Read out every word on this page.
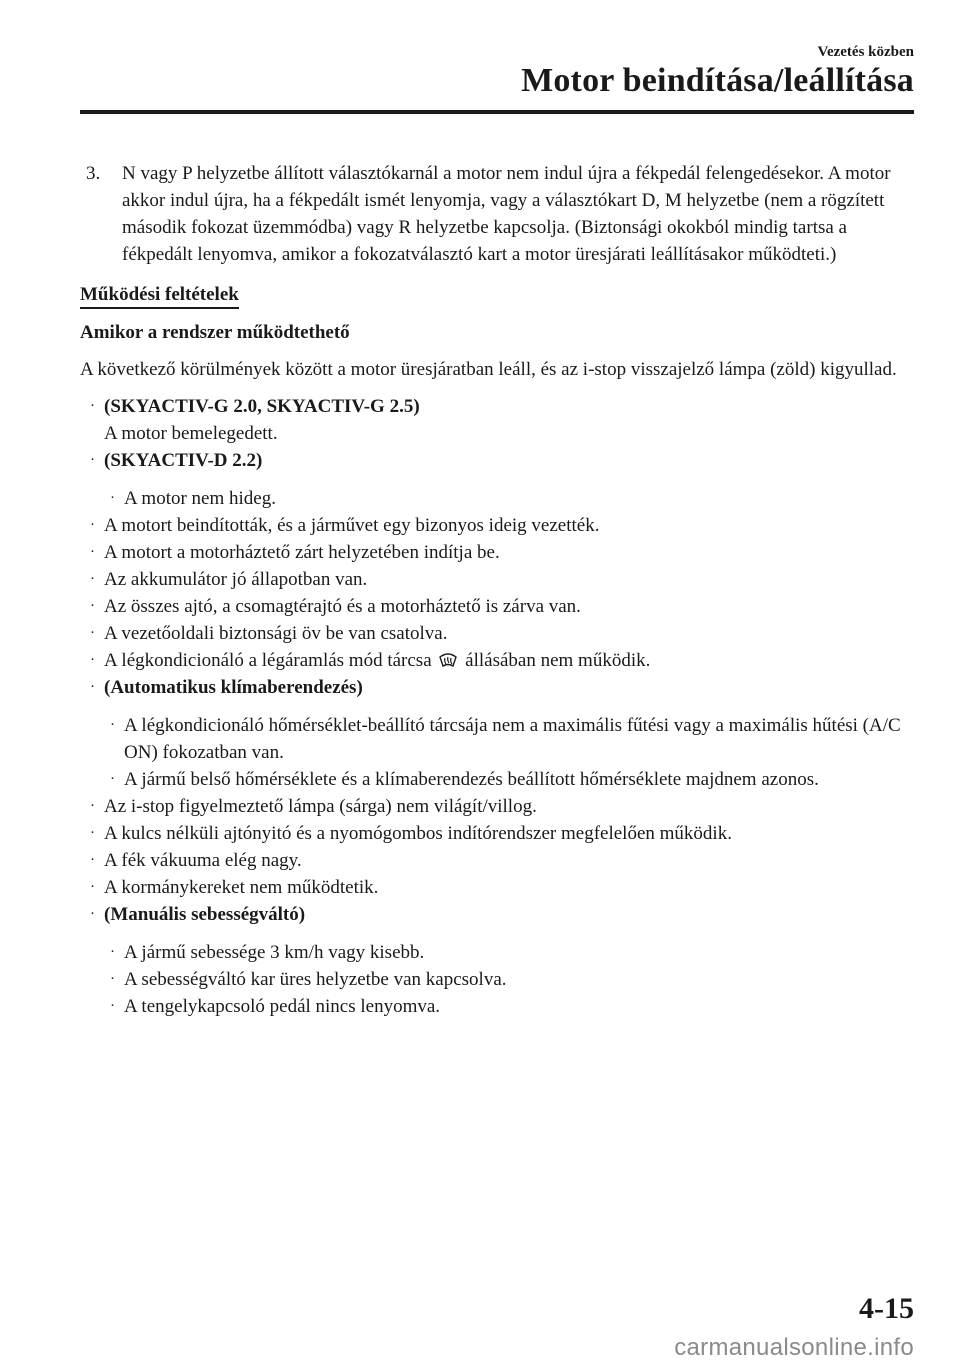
Vezetés közben
Motor beindítása/leállítása
3.	N vagy P helyzetbe állított választókarnál a motor nem indul újra a fékpedál felengedésekor. A motor akkor indul újra, ha a fékpedált ismét lenyomja, vagy a választókart D, M helyzetbe (nem a rögzített második fokozat üzemmódba) vagy R helyzetbe kapcsolja. (Biztonsági okokból mindig tartsa a fékpedált lenyomva, amikor a fokozatválasztó kart a motor üresjárati leállításakor működteti.)
Működési feltételek
Amikor a rendszer működtethető
A következő körülmények között a motor üresjáratban leáll, és az i-stop visszajelző lámpa (zöld) kigyullad.
· (SKYACTIV-G 2.0, SKYACTIV-G 2.5)
A motor bemelegedett.
· (SKYACTIV-D 2.2)
· A motor nem hideg.
· A motort beindították, és a járművet egy bizonyos ideig vezették.
· A motort a motorháztető zárt helyzetében indítja be.
· Az akkumulátor jó állapotban van.
· Az összes ajtó, a csomagtérajtó és a motorháztető is zárva van.
· A vezetőoldali biztonsági öv be van csatolva.
· A légkondicionáló a légáramlás mód tárcsa állásában nem működik.
· (Automatikus klímaberendezés)
· A légkondicionáló hőmérséklet-beállító tárcsája nem a maximális fűtési vagy a maximális hűtési (A/C ON) fokozatban van.
· A jármű belső hőmérséklete és a klímaberendezés beállított hőmérséklete majdnem azonos.
· Az i-stop figyelmeztető lámpa (sárga) nem világít/villog.
· A kulcs nélküli ajtónyitó és a nyomógombos indítórendszer megfelelően működik.
· A fék vákuuma elég nagy.
· A kormánykereket nem működtetik.
· (Manuális sebességváltó)
· A jármű sebessége 3 km/h vagy kisebb.
· A sebességváltó kar üres helyzetbe van kapcsolva.
· A tengelykapcsoló pedál nincs lenyomva.
4-15
carmanualsonline.info
